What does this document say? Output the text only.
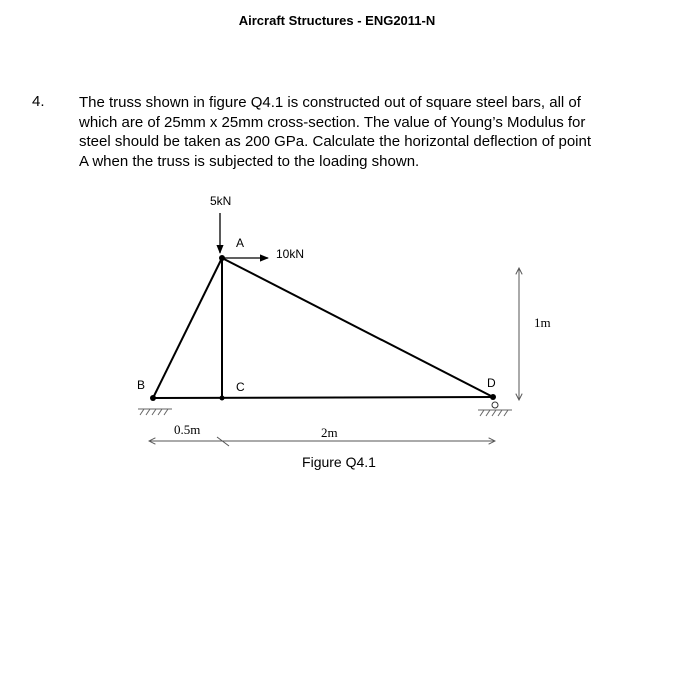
Aircraft Structures - ENG2011-N
4. The truss shown in figure Q4.1 is constructed out of square steel bars, all of
which are of 25mm x 25mm cross-section. The value of Young’s Modulus for
steel should be taken as 200 GPa. Calculate the horizontal deflection of point
A when the truss is subjected to the loading shown.

5kN
10kN
A
B	C	D
1m
0.5m	2m
Figure Q4.1
